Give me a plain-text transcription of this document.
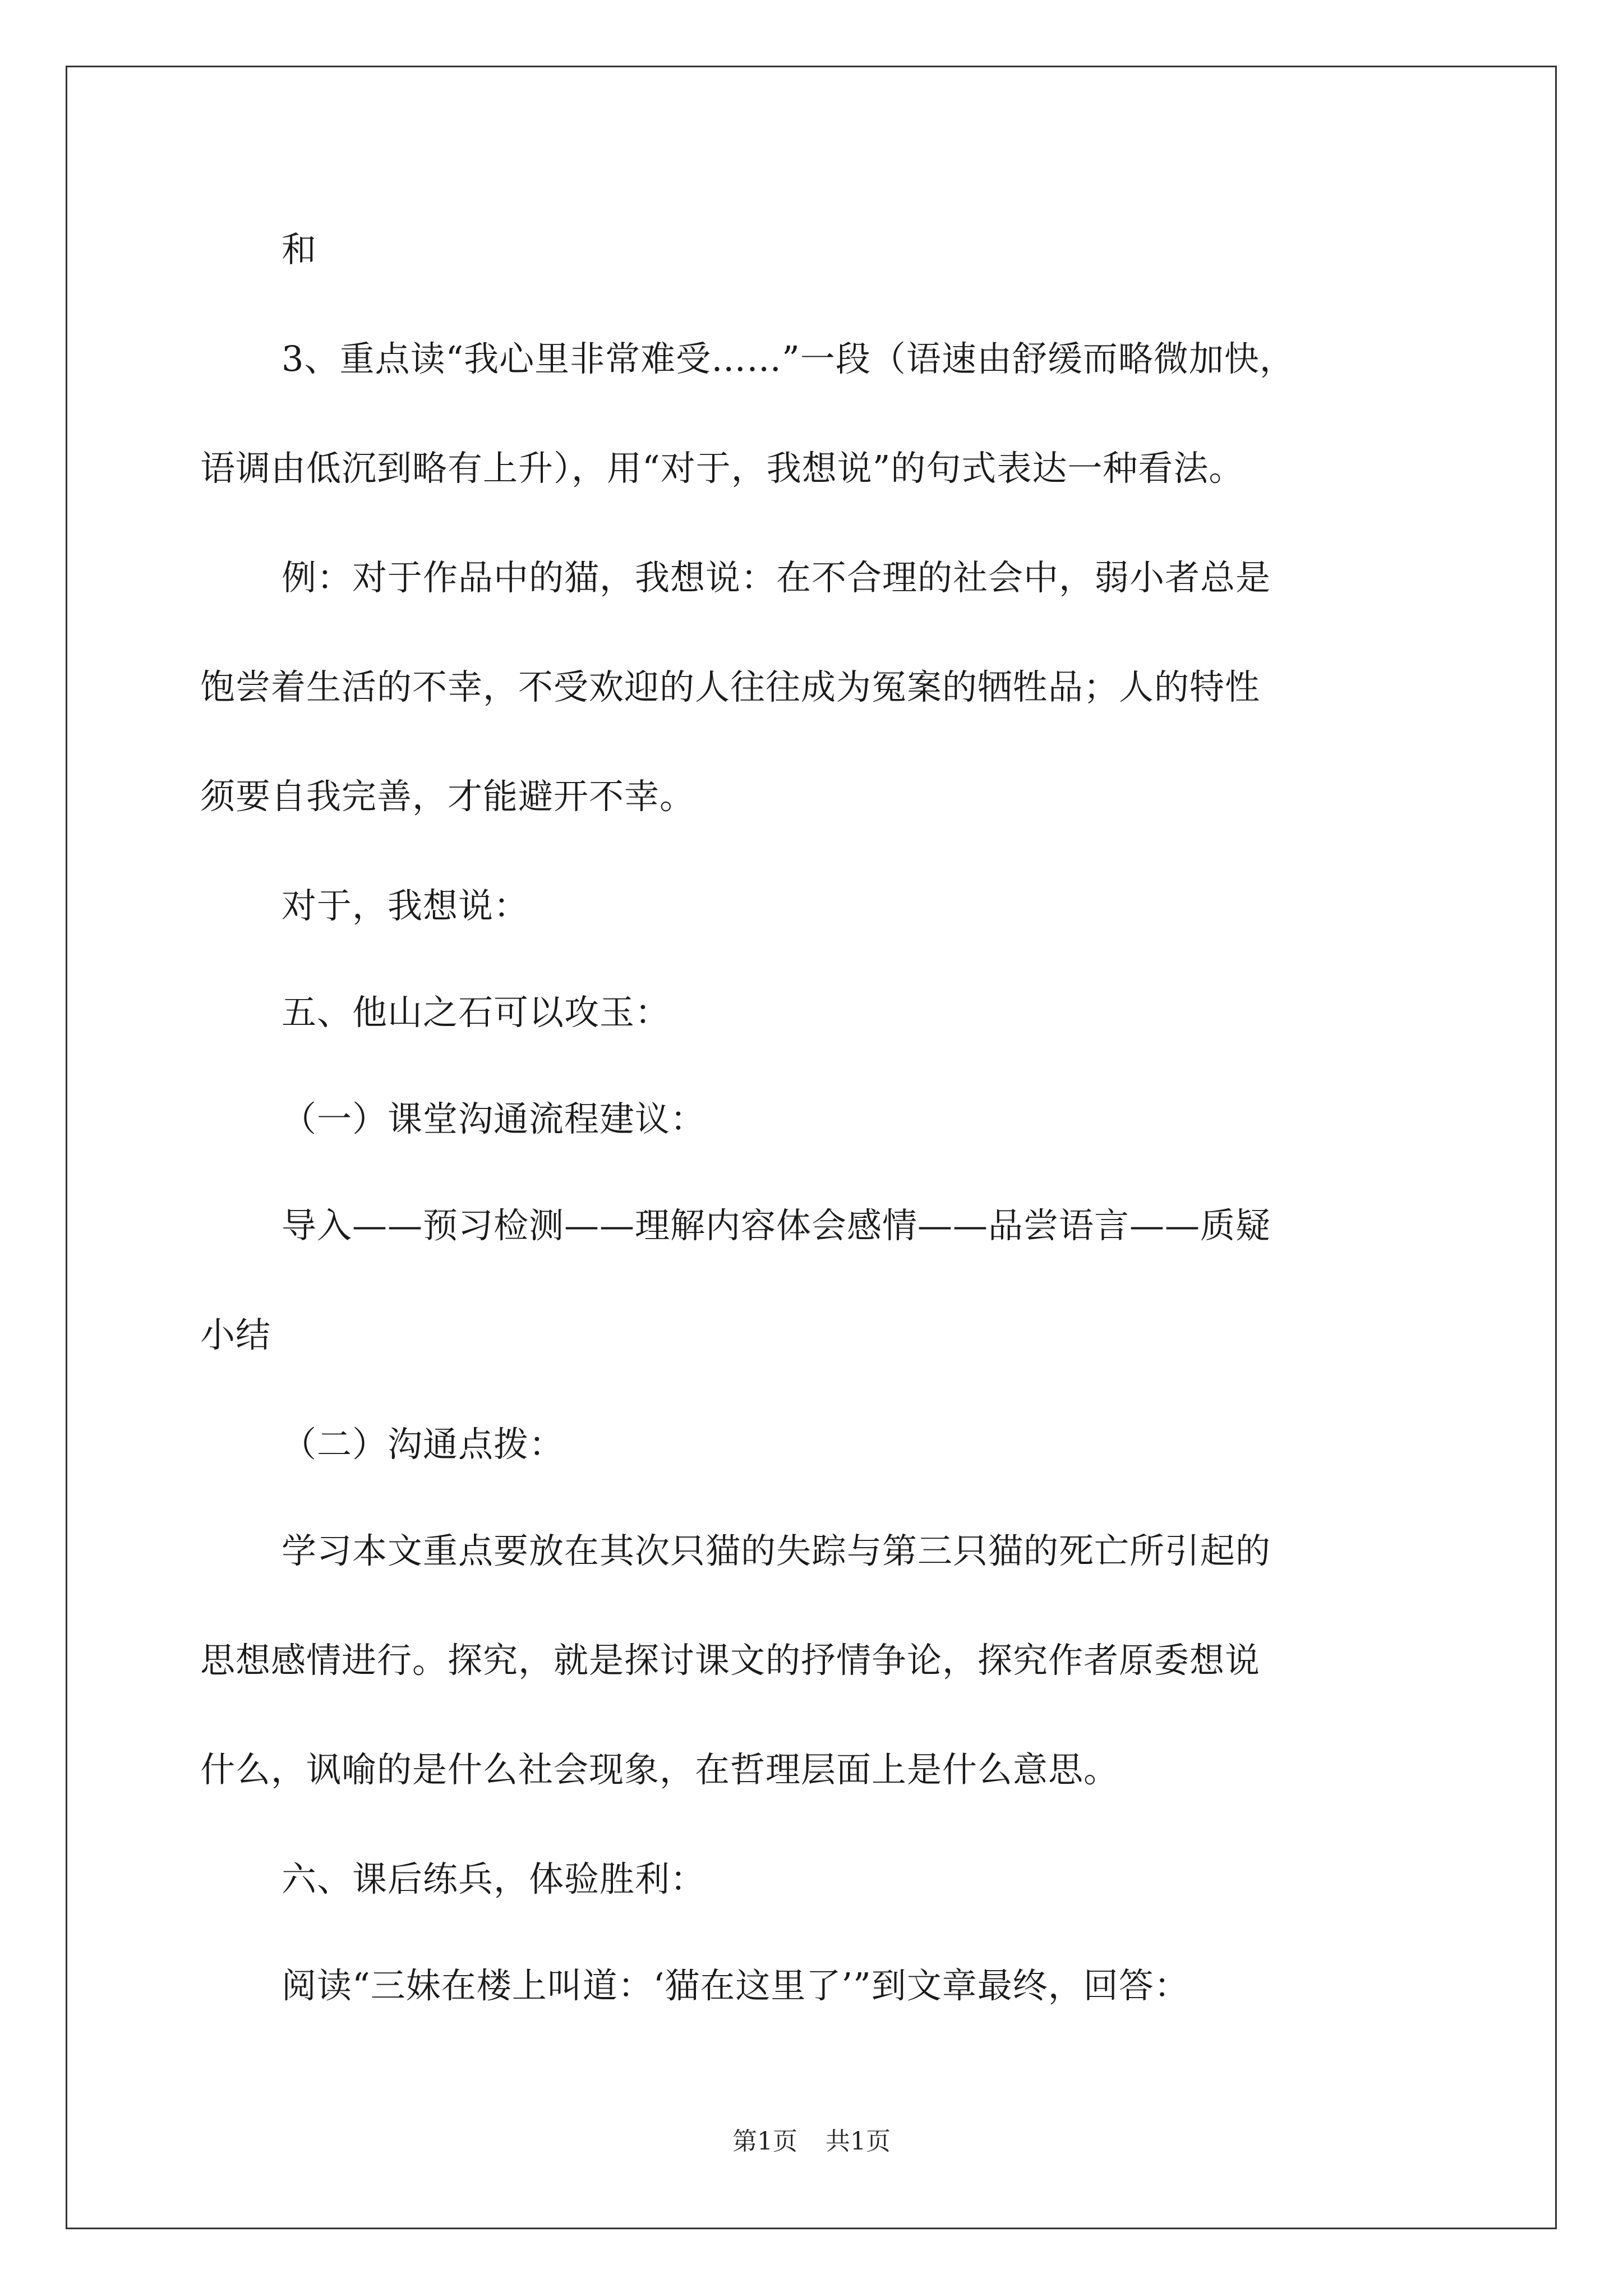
和
3、重点读“我心里非常难受……”一段（语速由舒缓而略微加快，
语调由低沉到略有上升），用“对于，我想说”的句式表达一种看法。
例：对于作品中的猫，我想说：在不合理的社会中，弱小者总是
饱尝着生活的不幸，不受欢迎的人往往成为冤案的牺牲品；人的特性
须要自我完善，才能避开不幸。
对于，我想说：
五、他山之石可以攻玉：
（一）课堂沟通流程建议：
导入——预习检测——理解内容体会感情——品尝语言——质疑
小结
（二）沟通点拨：
学习本文重点要放在其次只猫的失踪与第三只猫的死亡所引起的
思想感情进行。探究，就是探讨课文的抒情争论，探究作者原委想说
什么，讽喻的是什么社会现象，在哲理层面上是什么意思。
六、课后练兵，体验胜利：
阅读“三妹在楼上叫道：‘猫在这里了’”到文章最终，回答：
第1页 共1页
